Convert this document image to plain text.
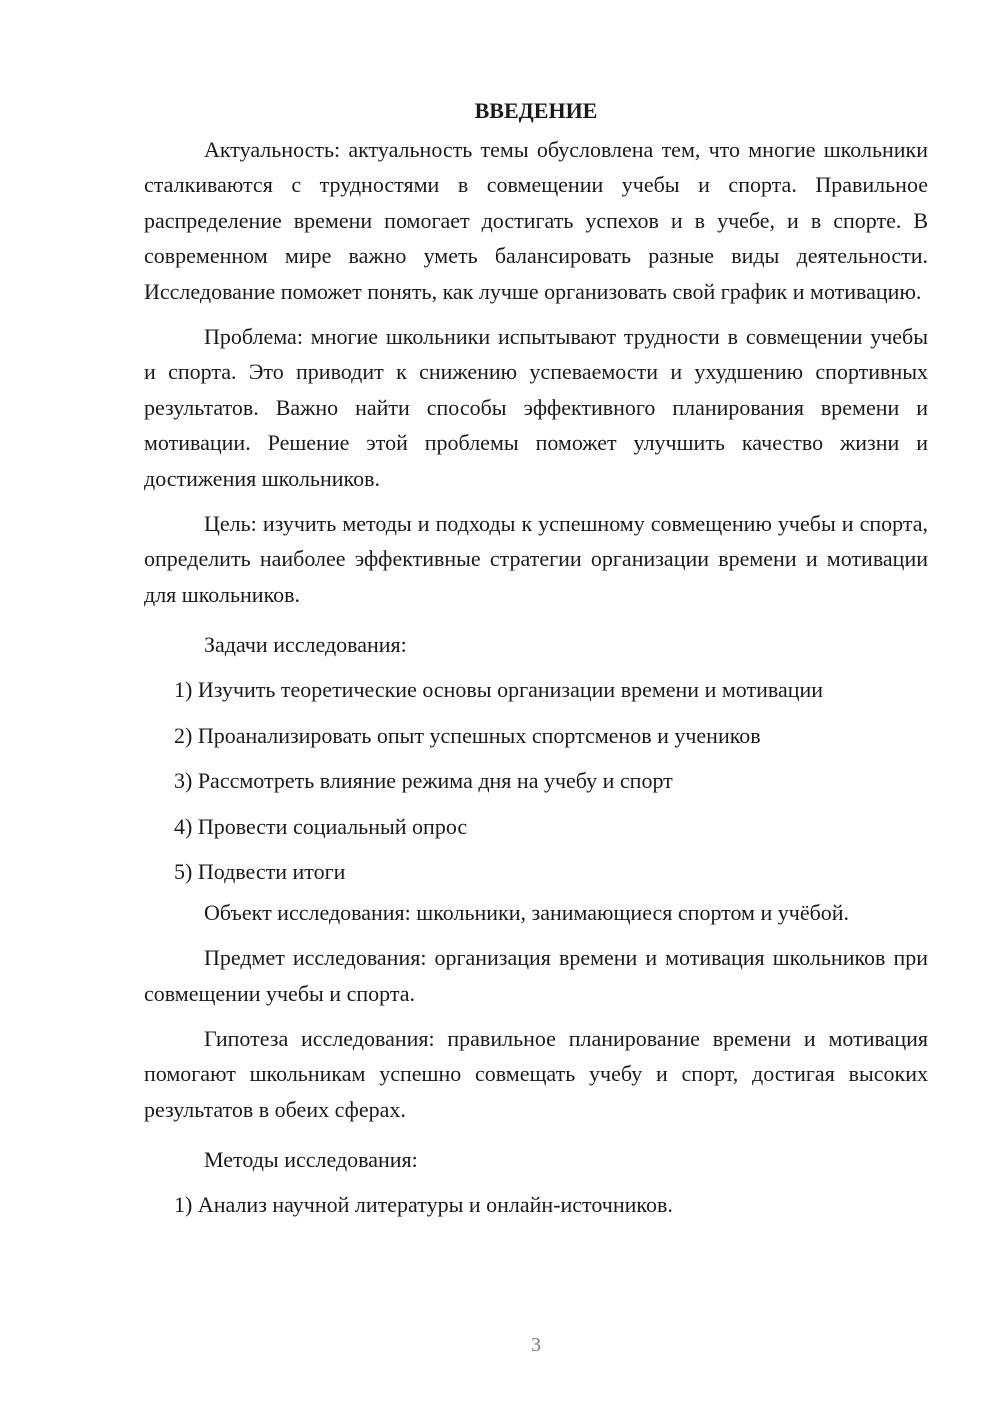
ВВЕДЕНИЕ

Актуальность: актуальность темы обусловлена тем, что многие школьники сталкиваются с трудностями в совмещении учебы и спорта. Правильное распределение времени помогает достигать успехов и в учебе, и в спорте. В современном мире важно уметь балансировать разные виды деятельности. Исследование поможет понять, как лучше организовать свой график и мотивацию.

Проблема: многие школьники испытывают трудности в совмещении учебы и спорта. Это приводит к снижению успеваемости и ухудшению спортивных результатов. Важно найти способы эффективного планирования времени и мотивации. Решение этой проблемы поможет улучшить качество жизни и достижения школьников.

Цель: изучить методы и подходы к успешному совмещению учебы и спорта, определить наиболее эффективные стратегии организации времени и мотивации для школьников.

Задачи исследования:

1) Изучить теоретические основы организации времени и мотивации

2) Проанализировать опыт успешных спортсменов и учеников

3) Рассмотреть влияние режима дня на учебу и спорт

4) Провести социальный опрос

5) Подвести итоги

Объект исследования: школьники, занимающиеся спортом и учёбой.

Предмет исследования: организация времени и мотивация школьников при совмещении учебы и спорта.

Гипотеза исследования: правильное планирование времени и мотивация помогают школьникам успешно совмещать учебу и спорт, достигая высоких результатов в обеих сферах.

Методы исследования:

1) Анализ научной литературы и онлайн-источников.

3
